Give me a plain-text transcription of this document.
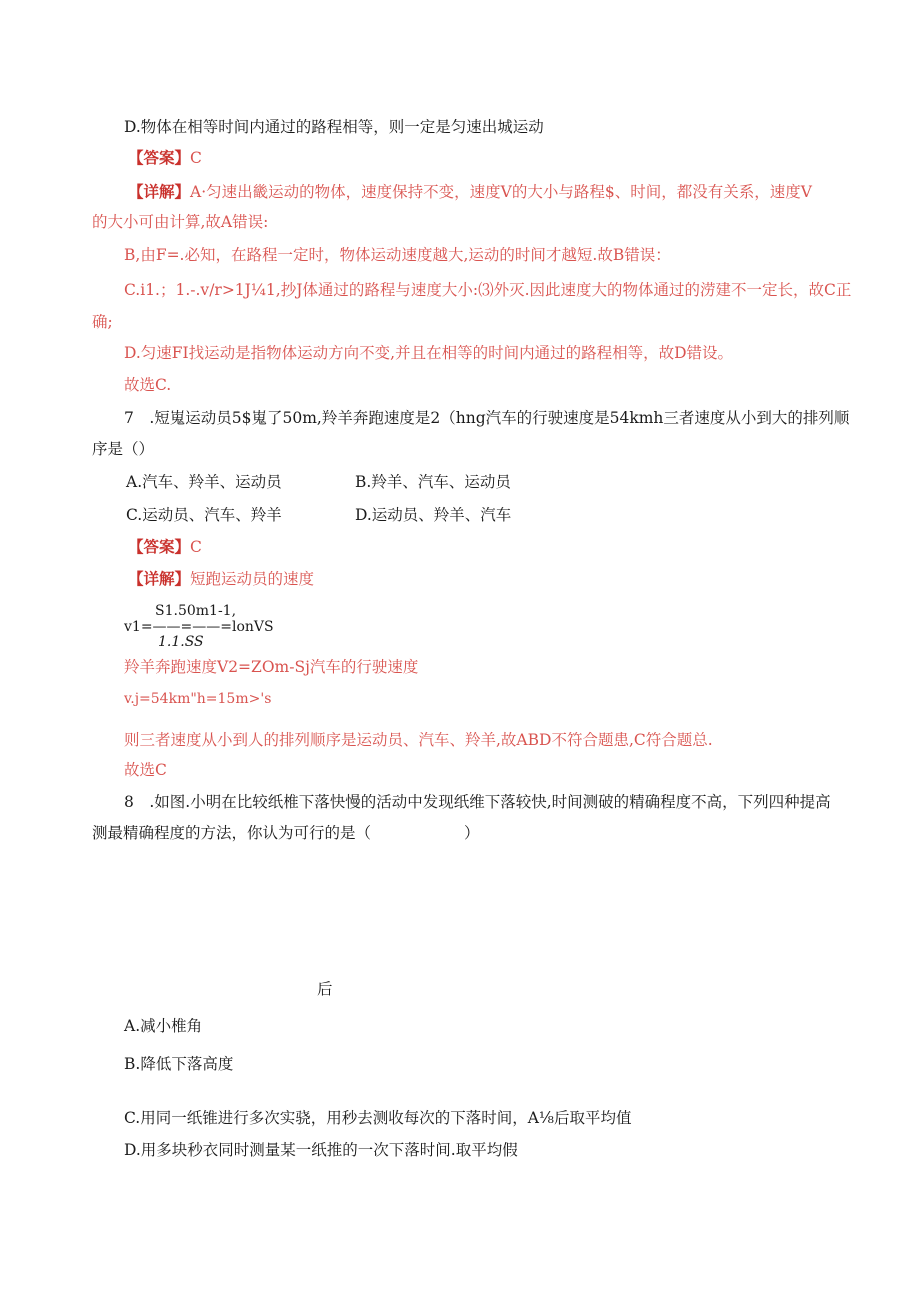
D.物体在相等时间内通过的路程相等，则一定是匀速出城运动
【答案】C
【详解】A·匀速出畿运动的物体，速度保持不变，速度V的大小与路程$、时间，都没有关系，速度V
的大小可由计算,故A错误:
B,由F=.必知，在路程一定时，物体运动速度越大,运动的时间才越短.故B错误：
C.i1.；1.-.v/r>1J¼1,抄J体通过的路程与速度大小:⑶外灭.因此速度大的物体通过的涝建不一定长，故C正
确;
D.匀速FI找运动是指物体运动方向不变,并且在相等的时间内通过的路程相等，故D错设。
故选C.
7　.短嵬运动员5$嵬了50m,羚羊奔跑速度是2（hng汽车的行驶速度是54kmh三者速度从小到大的排列顺
序是（）
A.汽车、羚羊、运动员	B.羚羊、汽车、运动员
C.运动员、汽车、羚羊	D.运动员、羚羊、汽车
【答案】C
【详解】短跑运动员的速度
S1.50m1-1,
v1=——=——=lonVS
1.1.SS
羚羊奔跑速度V2=ZOm-Sj汽车的行驶速度
v.j=54km"h=15m>'s
则三者速度从小到人的排列顺序是运动员、汽车、羚羊,故ABD不符合题患,C符合题总.
故选C
8　.如图.小明在比较纸椎下落快慢的活动中发现纸维下落较快,时间测破的精确程度不高，下列四种提高
测最精确程度的方法，你认为可行的是（　　　　　　）
后
A.减小椎角
B.降低下落高度
C.用同一纸锥进行多次实骁，用秒去测收每次的下落时间，A⅛后取平均值
D.用多块秒衣同时测量某一纸推的一次下落时间.取平均假
